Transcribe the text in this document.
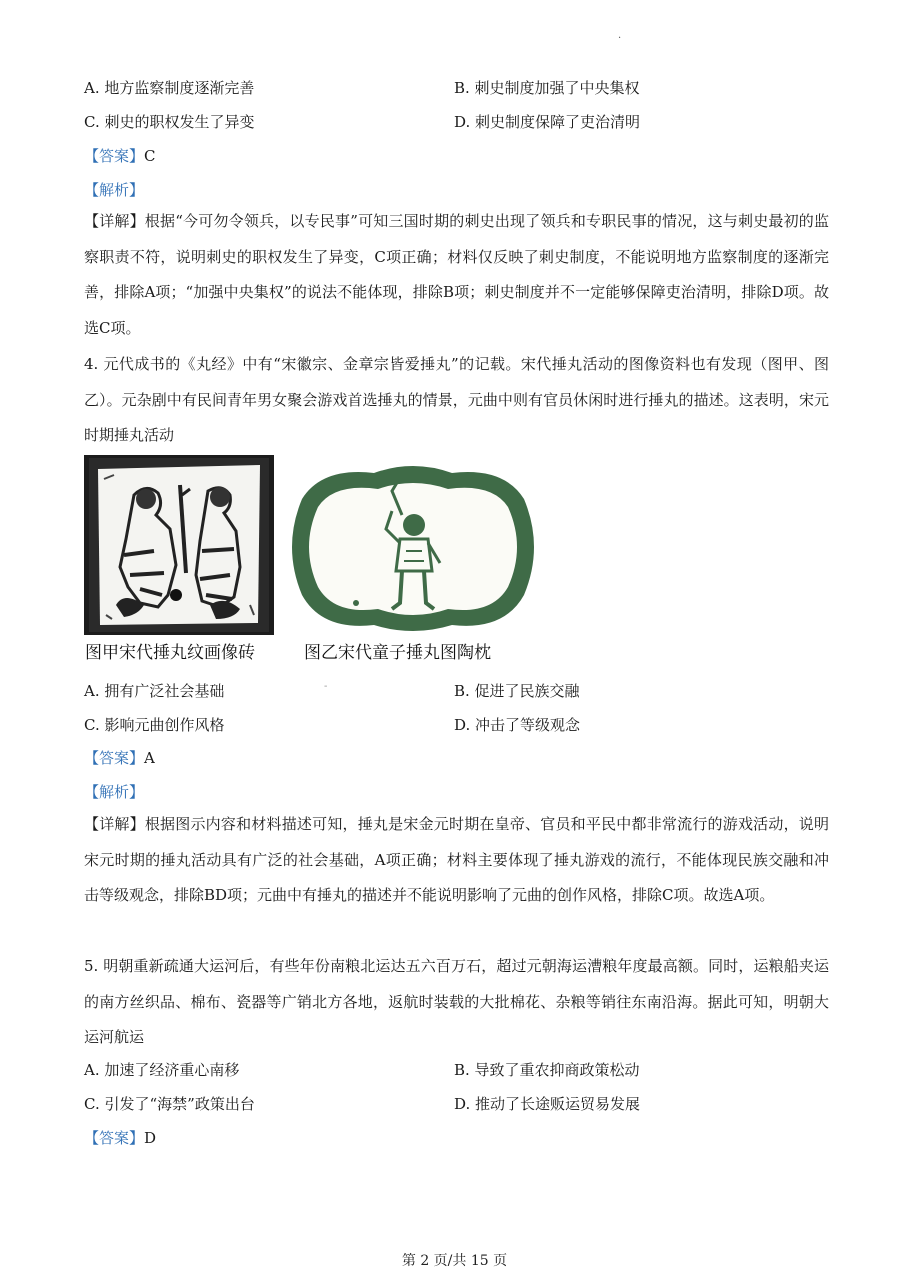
.
A. 地方监察制度逐渐完善	B. 刺史制度加强了中央集权
C. 刺史的职权发生了异变	D. 刺史制度保障了吏治清明
【答案】C
【解析】
【详解】根据“今可勿令领兵，以专民事”可知三国时期的刺史出现了领兵和专职民事的情况，这与刺史最初的监察职责不符，说明刺史的职权发生了异变，C项正确；材料仅反映了刺史制度，不能说明地方监察制度的逐渐完善，排除A项；“加强中央集权”的说法不能体现，排除B项；刺史制度并不一定能够保障吏治清明，排除D项。故选C项。
4. 元代成书的《丸经》中有“宋徽宗、金章宗皆爱捶丸”的记载。宋代捶丸活动的图像资料也有发现（图甲、图乙）。元杂剧中有民间青年男女聚会游戏首选捶丸的情景，元曲中则有官员休闲时进行捶丸的描述。这表明，宋元时期捶丸活动
图甲宋代捶丸纹画像砖	图乙宋代童子捶丸图陶枕
A. 拥有广泛社会基础	-	B. 促进了民族交融
C. 影响元曲创作风格	D. 冲击了等级观念
【答案】A
【解析】
【详解】根据图示内容和材料描述可知，捶丸是宋金元时期在皇帝、官员和平民中都非常流行的游戏活动，说明宋元时期的捶丸活动具有广泛的社会基础，A项正确；材料主要体现了捶丸游戏的流行，不能体现民族交融和冲击等级观念，排除BD项；元曲中有捶丸的描述并不能说明影响了元曲的创作风格，排除C项。故选A项。
5. 明朝重新疏通大运河后，有些年份南粮北运达五六百万石，超过元朝海运漕粮年度最高额。同时，运粮船夹运的南方丝织品、棉布、瓷器等广销北方各地，返航时装载的大批棉花、杂粮等销往东南沿海。据此可知，明朝大运河航运
A. 加速了经济重心南移	B. 导致了重农抑商政策松动
C. 引发了“海禁”政策出台	D. 推动了长途贩运贸易发展
【答案】D
第 2 页/共 15 页
